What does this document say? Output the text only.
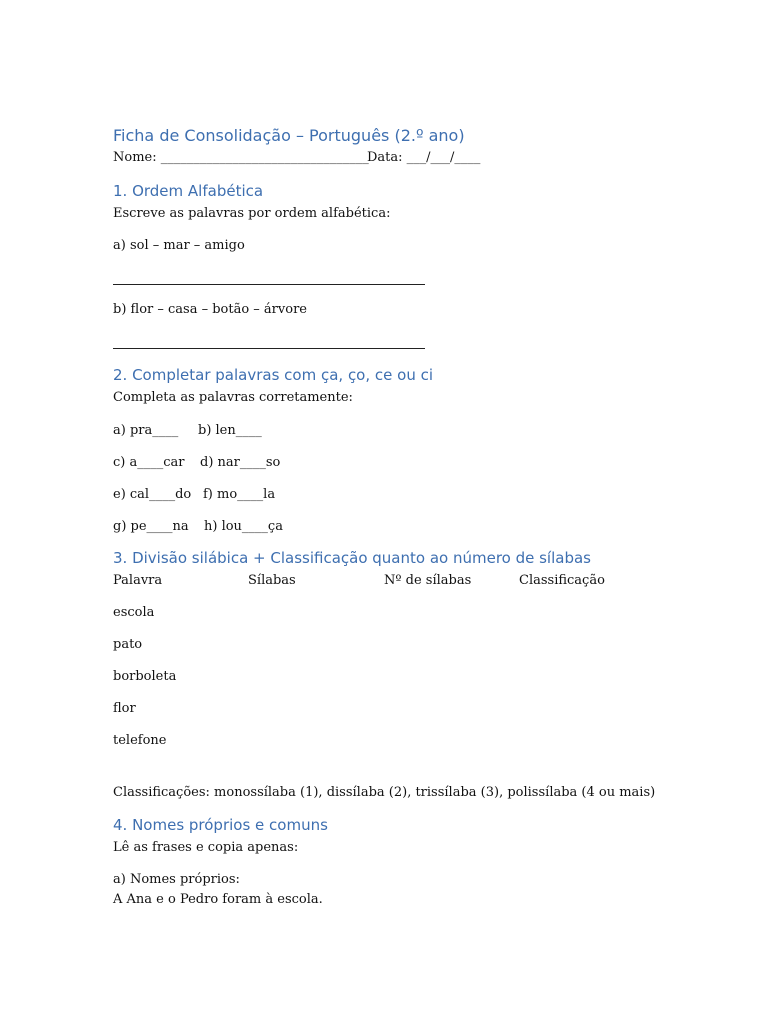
Ficha de Consolidação – Português (2.º ano)
Nome: ________________________________
Data: ___/___/____
1. Ordem Alfabética
Escreve as palavras por ordem alfabética:
a) sol – mar – amigo
b) flor – casa – botão – árvore
2. Completar palavras com ça, ço, ce ou ci
Completa as palavras corretamente:
a) pra____ b) len____
c) a____car d) nar____so
e) cal____do f) mo____la
g) pe____na h) lou____ça
3. Divisão silábica + Classificação quanto ao número de sílabas
Palavra	Sílabas	Nº de sílabas	Classificação
escola
pato
borboleta
flor
telefone
Classificações: monossílaba (1), dissílaba (2), trissílaba (3), polissílaba (4 ou mais)
4. Nomes próprios e comuns
Lê as frases e copia apenas:
a) Nomes próprios:
A Ana e o Pedro foram à escola.
